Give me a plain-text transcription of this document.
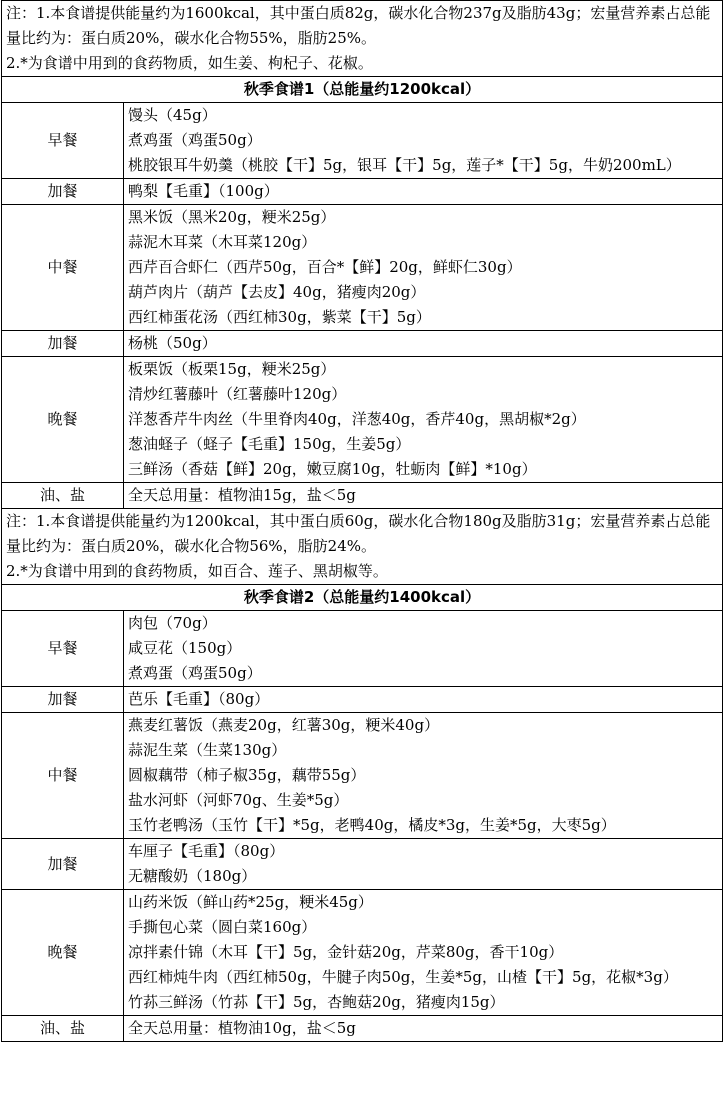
注：1.本食谱提供能量约为1600kcal，其中蛋白质82g，碳水化合物237g及脂肪43g；宏量营养素占总能量比约为：蛋白质20%，碳水化合物55%，脂肪25%。
2.*为食谱中用到的食药物质，如生姜、枸杞子、花椒。	

秋季食谱1（总能量约1200kcal）	
早餐	馒头（45g）
煮鸡蛋（鸡蛋50g）
桃胶银耳牛奶羹（桃胶【干】5g，银耳【干】5g，莲子*【干】5g，牛奶200mL）

加餐	鸭梨【毛重】（100g）

中餐	黑米饭（黑米20g，粳米25g）
蒜泥木耳菜（木耳菜120g）
西芹百合虾仁（西芹50g，百合*【鲜】20g，鲜虾仁30g）
葫芦肉片（葫芦【去皮】40g，猪瘦肉20g）
西红柿蛋花汤（西红柿30g，紫菜【干】5g）

加餐	杨桃（50g）

晚餐	板栗饭（板栗15g，粳米25g）
清炒红薯藤叶（红薯藤叶120g）
洋葱香芹牛肉丝（牛里脊肉40g，洋葱40g，香芹40g，黑胡椒*2g）
葱油蛏子（蛏子【毛重】150g，生姜5g）
三鲜汤（香菇【鲜】20g，嫩豆腐10g，牡蛎肉【鲜】*10g）

油、盐	全天总用量：植物油15g，盐＜5g

注：1.本食谱提供能量约为1200kcal，其中蛋白质60g，碳水化合物180g及脂肪31g；宏量营养素占总能量比约为：蛋白质20%，碳水化合物56%，脂肪24%。
2.*为食谱中用到的食药物质，如百合、莲子、黑胡椒等。	

秋季食谱2（总能量约1400kcal）	
早餐	肉包（70g）
咸豆花（150g）
煮鸡蛋（鸡蛋50g）

加餐	芭乐【毛重】（80g）

中餐	燕麦红薯饭（燕麦20g，红薯30g，粳米40g）
蒜泥生菜（生菜130g）
圆椒藕带（柿子椒35g，藕带55g）
盐水河虾（河虾70g、生姜*5g）
玉竹老鸭汤（玉竹【干】*5g，老鸭40g，橘皮*3g，生姜*5g，大枣5g）

加餐	车厘子【毛重】（80g）
无糖酸奶（180g）

晚餐	山药米饭（鲜山药*25g，粳米45g）
手撕包心菜（圆白菜160g）
凉拌素什锦（木耳【干】5g，金针菇20g，芹菜80g，香干10g）
西红柿炖牛肉（西红柿50g，牛腱子肉50g，生姜*5g，山楂【干】5g，花椒*3g）
竹荪三鲜汤（竹荪【干】5g，杏鲍菇20g，猪瘦肉15g）

油、盐	全天总用量：植物油10g，盐＜5g
